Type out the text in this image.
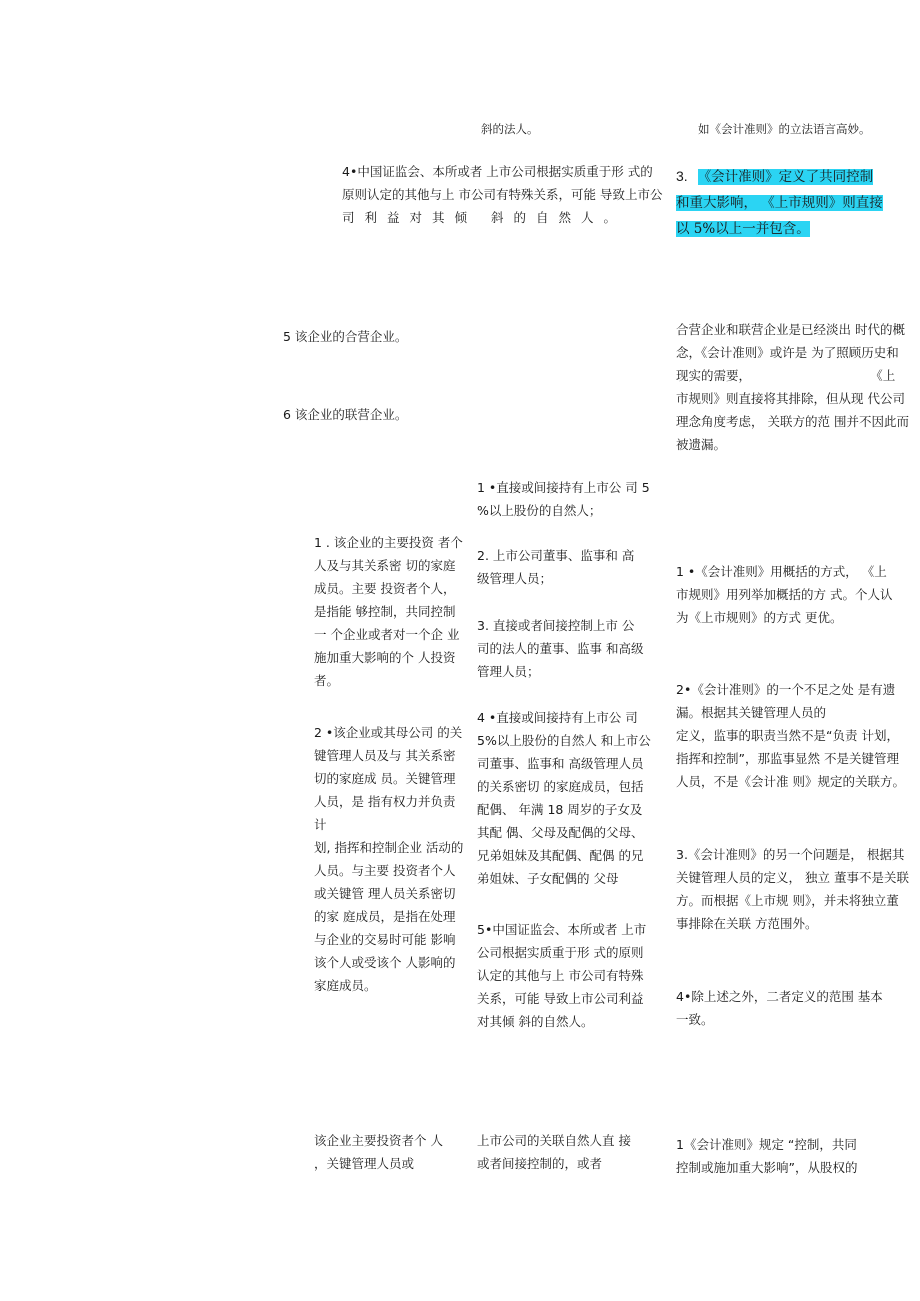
斜的法人。	如《会计准则》的立法语言高妙。
4•中国证监会、本所或者 上市公司根据实质重于形 式的
原则认定的其他与上 市公司有特殊关系，可能 导致上市公
司利益对其倾 斜的自然人。
3. 《会计准则》定义了共同控制
和重大影响， 《上市规则》则直接
以 5%以上一并包含。
5 该企业的合营企业。
6 该企业的联营企业。
合营企业和联营企业是已经淡出 时代的概
念，《会计准则》或许是 为了照顾历史和
现实的需要，                              《上
市规则》则直接将其排除，但从现 代公司
理念角度考虑， 关联方的范 围并不因此而
被遗漏。
1 . 该企业的主要投资 者个
人及与其关系密 切的家庭
成员。主要 投资者个人，
是指能 够控制，共同控制
一 个企业或者对一个企 业
施加重大影响的个 人投资
者。
2 •该企业或其母公司 的关
键管理人员及与 其关系密
切的家庭成 员。关键管理
人员，是 指有权力并负责
计
划, 指挥和控制企业 活动的
人员。与主要 投资者个人
或关键管 理人员关系密切
的家 庭成员，是指在处理
与企业的交易时可能 影响
该个人或受该个 人影响的
家庭成员。
1 •直接或间接持有上市公 司 5
%以上股份的自然人；
2. 上市公司董事、监事和 高
级管理人员；
3. 直接或者间接控制上市 公
司的法人的董事、监事 和高级
管理人员；
4 •直接或间接持有上市公 司
5%以上股份的自然人 和上市公
司董事、监事和 高级管理人员
的关系密切 的家庭成员，包括
配偶、 年满 18 周岁的子女及
其配 偶、父母及配偶的父母、
兄弟姐妹及其配偶、配偶 的兄
弟姐妹、子女配偶的 父母
5•中国证监会、本所或者 上市
公司根据实质重于形 式的原则
认定的其他与上 市公司有特殊
关系，可能 导致上市公司利益
对其倾 斜的自然人。
1 •《会计准则》用概括的方式， 《上
市规则》用列举加概括的方 式。个人认
为《上市规则》的方式 更优。
2•《会计准则》的一个不足之处 是有遗
漏。根据其关键管理人员的
定义，监事的职责当然不是“负责 计划，
指挥和控制”，那监事显然 不是关键管理
人员，不是《会计准 则》规定的关联方。
3.《会计准则》的另一个问题是， 根据其
关键管理人员的定义， 独立 董事不是关联
方。而根据《上市规 则》，并未将独立董
事排除在关联 方范围外。
4•除上述之外，二者定义的范围 基本
一致。
该企业主要投资者个 人
，关键管理人员或
上市公司的关联自然人直 接
或者间接控制的，或者
1《会计准则》规定 “控制，共同
控制或施加重大影响”，从股权的
